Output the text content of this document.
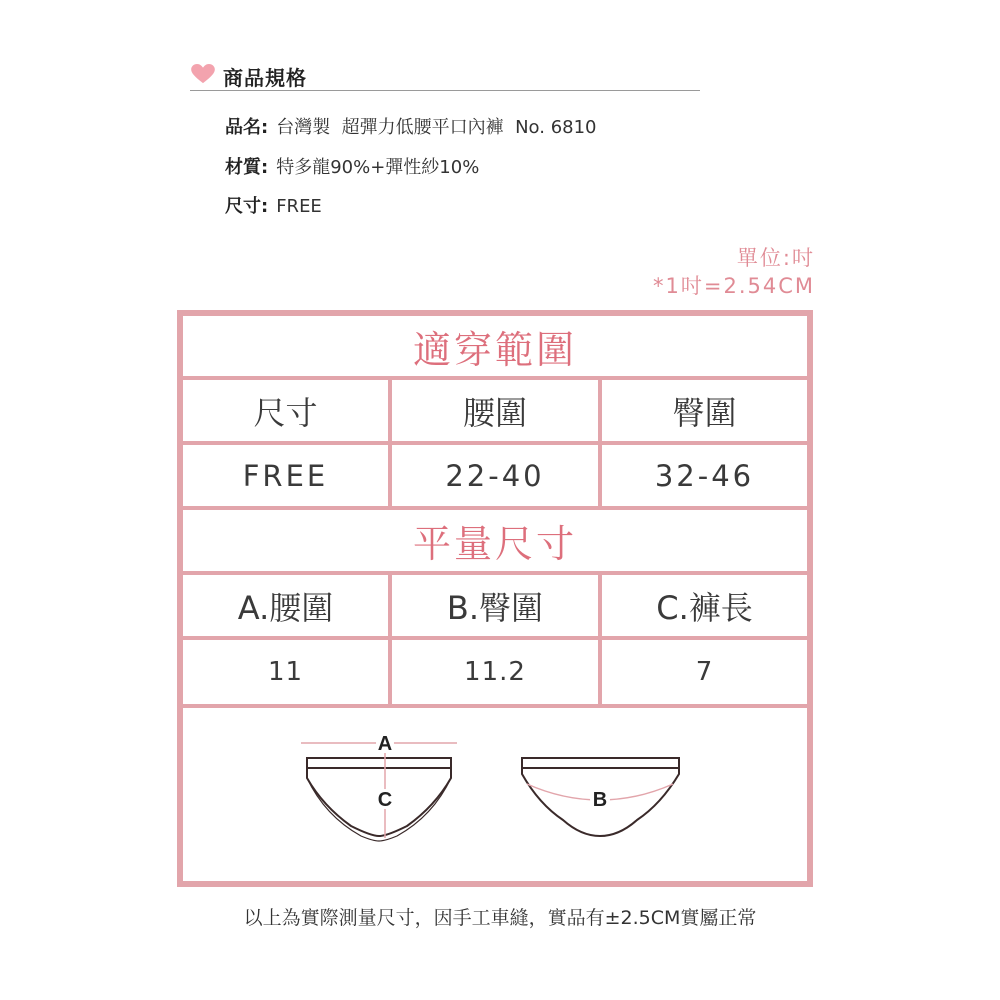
商品規格
品名: 台灣製  超彈力低腰平口內褲  No. 6810
材質: 特多龍90%+彈性紗10%
尺寸: FREE
單位:吋
*1吋=2.54CM
適穿範圍
尺寸	腰圍	臀圍
FREE	22-40	32-46
平量尺寸
A.腰圍	B.臀圍	C.褲長
11	11.2	7
A
C	B
以上為實際測量尺寸，因手工車縫，實品有±2.5CM實屬正常
